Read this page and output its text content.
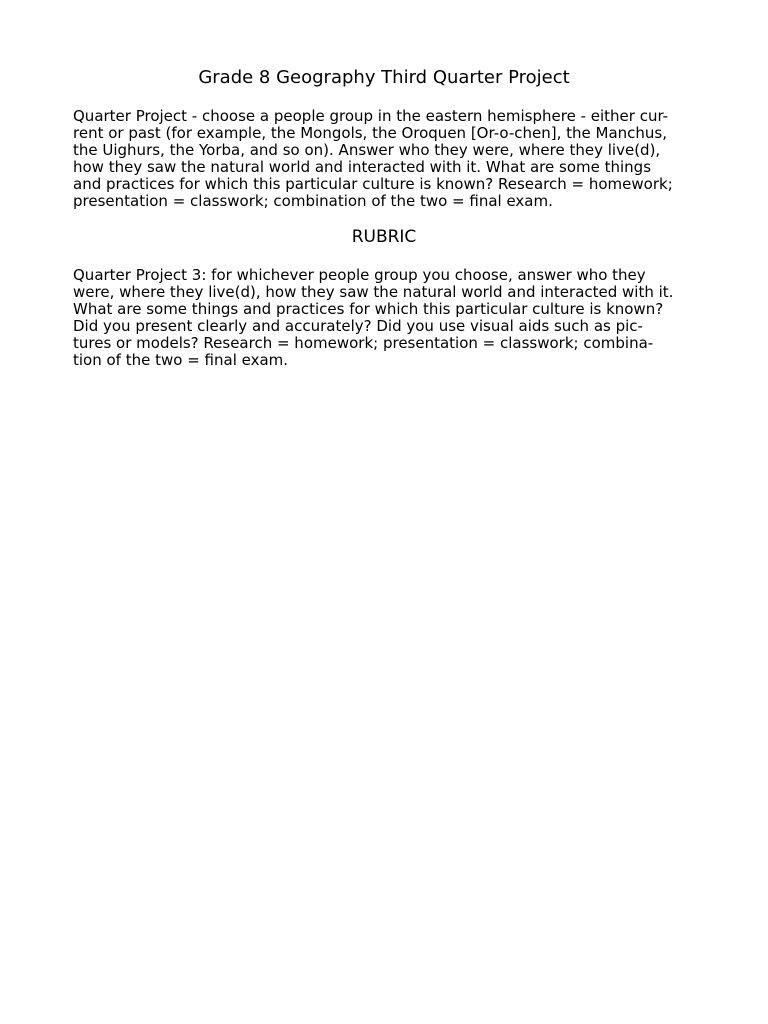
Grade 8 Geography Third Quarter Project
Quarter Project - choose a people group in the eastern hemisphere - either cur-
rent or past (for example, the Mongols, the Oroquen [Or-o-chen], the Manchus,
the Uighurs, the Yorba, and so on). Answer who they were, where they live(d),
how they saw the natural world and interacted with it. What are some things
and practices for which this particular culture is known? Research = homework;
presentation = classwork; combination of the two = final exam.
RUBRIC
Quarter Project 3: for whichever people group you choose, answer who they
were, where they live(d), how they saw the natural world and interacted with it.
What are some things and practices for which this particular culture is known?
Did you present clearly and accurately? Did you use visual aids such as pic-
tures or models? Research = homework; presentation = classwork; combina-
tion of the two = final exam.
